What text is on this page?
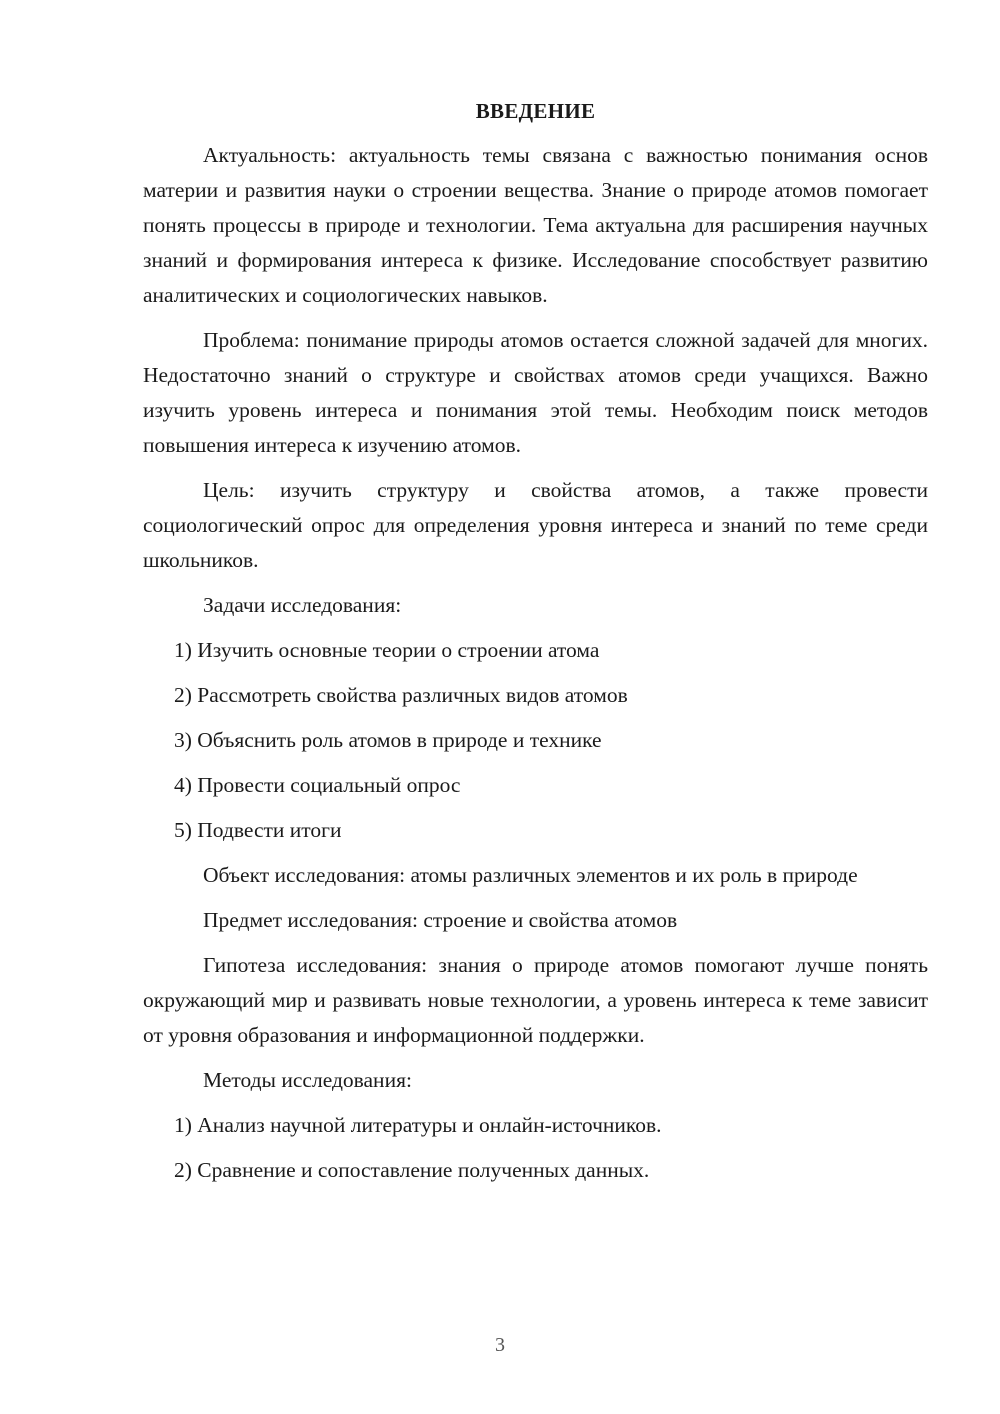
ВВЕДЕНИЕ

Актуальность: актуальность темы связана с важностью понимания основ материи и развития науки о строении вещества. Знание о природе атомов помогает понять процессы в природе и технологии. Тема актуальна для расширения научных знаний и формирования интереса к физике. Исследование способствует развитию аналитических и социологических навыков.

Проблема: понимание природы атомов остается сложной задачей для многих. Недостаточно знаний о структуре и свойствах атомов среди учащихся. Важно изучить уровень интереса и понимания этой темы. Необходим поиск методов повышения интереса к изучению атомов.

Цель: изучить структуру и свойства атомов, а также провести социологический опрос для определения уровня интереса и знаний по теме среди школьников.

Задачи исследования:

1) Изучить основные теории о строении атома

2) Рассмотреть свойства различных видов атомов

3) Объяснить роль атомов в природе и технике

4) Провести социальный опрос

5) Подвести итоги

Объект исследования: атомы различных элементов и их роль в природе

Предмет исследования: строение и свойства атомов

Гипотеза исследования: знания о природе атомов помогают лучше понять окружающий мир и развивать новые технологии, а уровень интереса к теме зависит от уровня образования и информационной поддержки.

Методы исследования:

1) Анализ научной литературы и онлайн-источников.

2) Сравнение и сопоставление полученных данных.

3
